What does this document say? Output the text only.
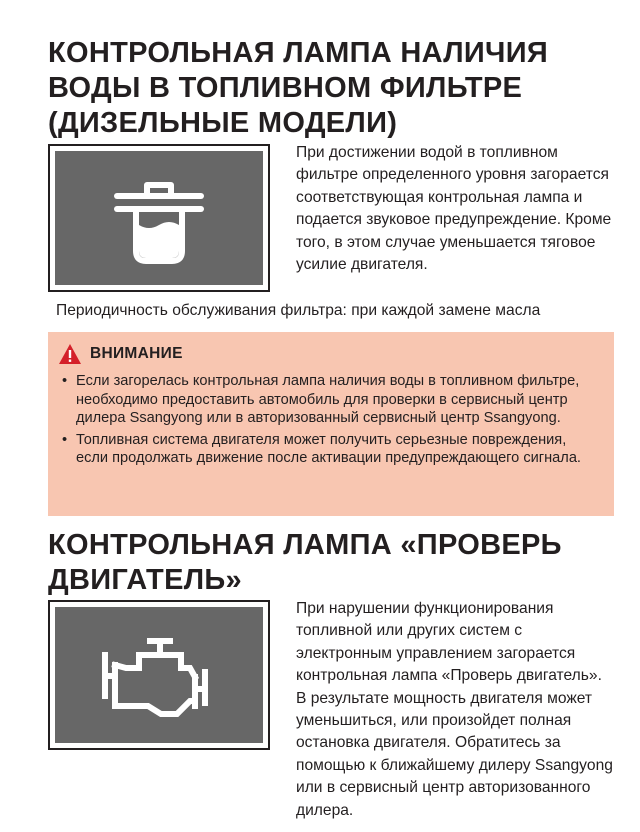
КОНТРОЛЬНАЯ ЛАМПА НАЛИЧИЯ
ВОДЫ В ТОПЛИВНОМ ФИЛЬТРЕ
(ДИЗЕЛЬНЫЕ МОДЕЛИ)

При достижении водой в топливном фильтре определенного уровня загорается соответствующая контрольная лампа и подается звуковое предупреждение. Кроме того, в этом случае уменьшается тяговое усилие двигателя.

Периодичность обслуживания фильтра: при каждой замене масла

ВНИМАНИЕ
• Если загорелась контрольная лампа наличия воды в топливном фильтре, необходимо предоставить автомобиль для проверки в сервисный центр дилера Ssangyong или в авторизованный сервисный центр Ssangyong.
• Топливная система двигателя может получить серьезные повреждения, если продолжать движение после активации предупреждающего сигнала.
КОНТРОЛЬНАЯ ЛАМПА «ПРОВЕРЬ
ДВИГАТЕЛЬ»

При нарушении функционирования топливной или других систем с электронным управлением загорается контрольная лампа «Проверь двигатель». В результате мощность двигателя может уменьшиться, или произойдет полная остановка двигателя. Обратитесь за помощью к ближайшему дилеру Ssangyong или в сервисный центр авторизованного дилера.
